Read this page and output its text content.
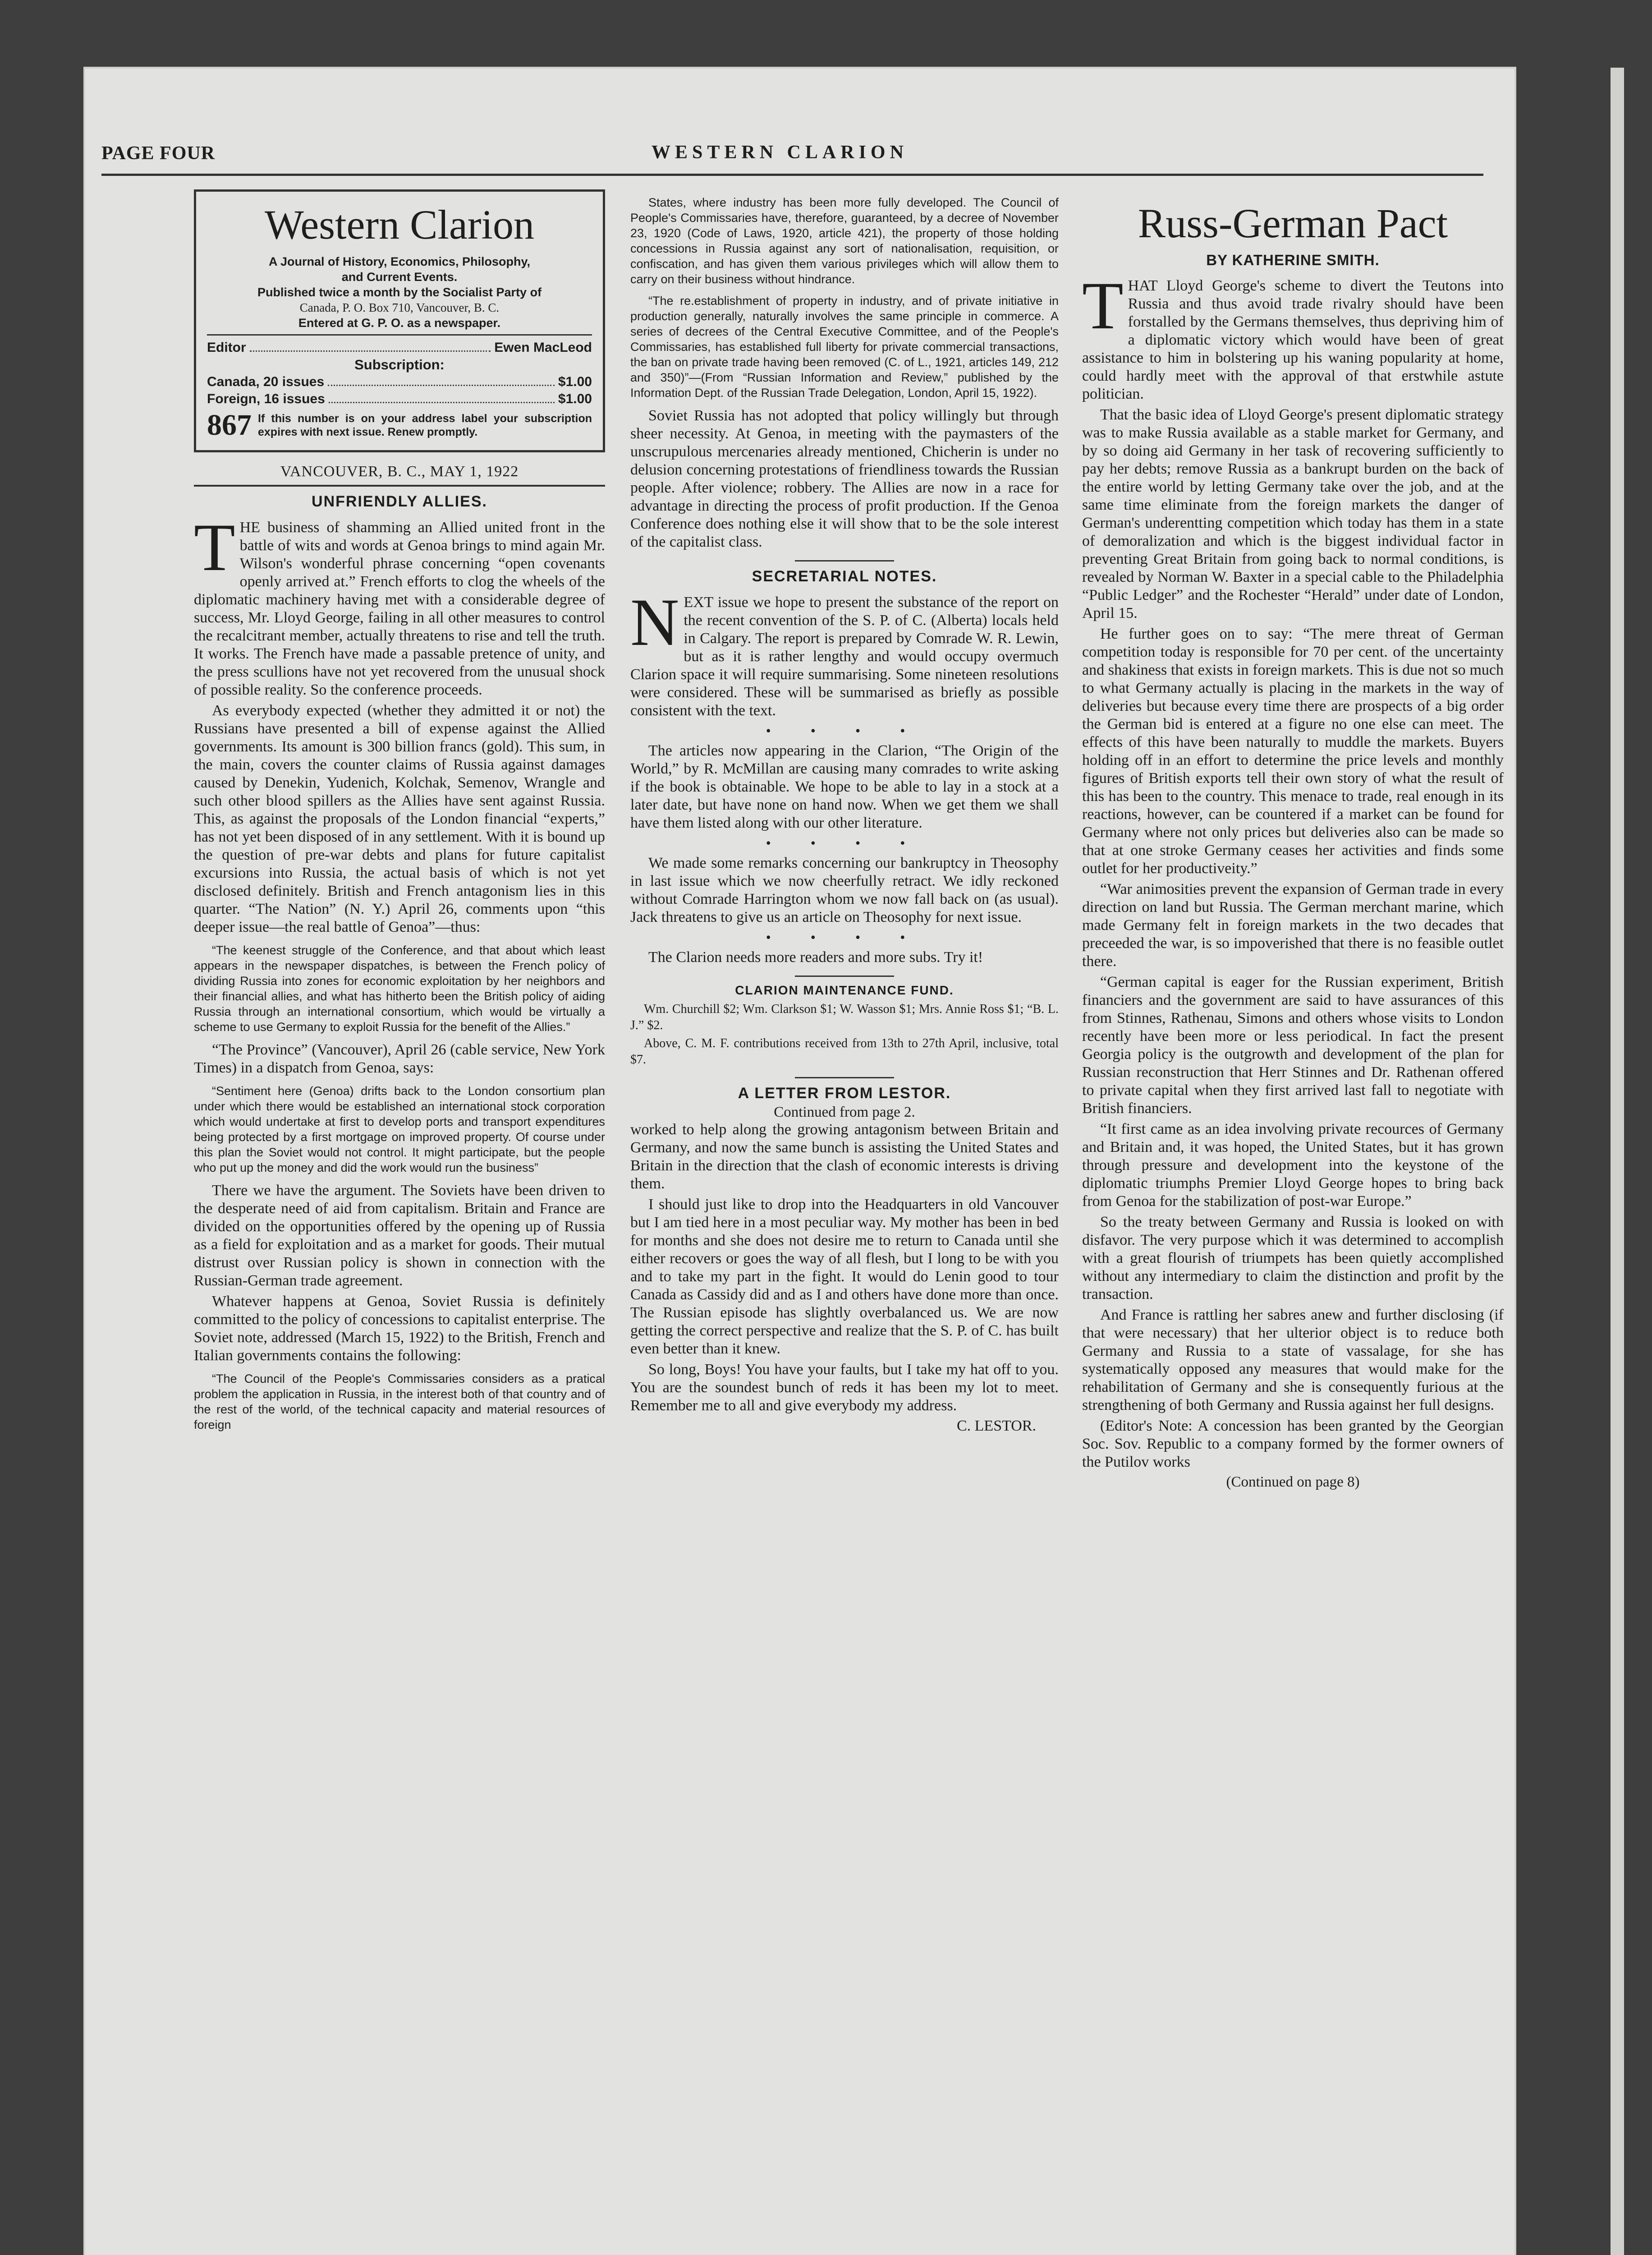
PAGE FOUR	WESTERN CLARION
Western Clarion
A Journal of History, Economics, Philosophy,
and Current Events.
Published twice a month by the Socialist Party of
Canada, P. O. Box 710, Vancouver, B. C.
Entered at G. P. O. as a newspaper.
Editor	Ewen MacLeod
Subscription:
Canada, 20 issues	$1.00
Foreign, 16 issues	$1.00
867 If this number is on your address label your subscription expires with next issue. Renew promptly.
VANCOUVER, B. C., MAY 1, 1922
UNFRIENDLY ALLIES.

THE business of shamming an Allied united front in the battle of wits and words at Genoa brings to mind again Mr. Wilson's wonderful phrase concerning “open covenants openly arrived at.” French efforts to clog the wheels of the diplomatic machinery having met with a considerable degree of success, Mr. Lloyd George, failing in all other measures to control the recalcitrant member, actually threatens to rise and tell the truth. It works. The French have made a passable pretence of unity, and the press scullions have not yet recovered from the unusual shock of possible reality. So the conference proceeds.

As everybody expected (whether they admitted it or not) the Russians have presented a bill of expense against the Allied governments. Its amount is 300 billion francs (gold). This sum, in the main, covers the counter claims of Russia against damages caused by Denekin, Yudenich, Kolchak, Semenov, Wrangle and such other blood spillers as the Allies have sent against Russia. This, as against the proposals of the London financial “experts,” has not yet been disposed of in any settlement. With it is bound up the question of pre-war debts and plans for future capitalist excursions into Russia, the actual basis of which is not yet disclosed definitely. British and French antagonism lies in this quarter. “The Nation” (N. Y.) April 26, comments upon “this deeper issue—the real battle of Genoa”—thus:

“The keenest struggle of the Conference, and that about which least appears in the newspaper dispatches, is between the French policy of dividing Russia into zones for economic exploitation by her neighbors and their financial allies, and what has hitherto been the British policy of aiding Russia through an international consortium, which would be virtually a scheme to use Germany to exploit Russia for the benefit of the Allies.”

“The Province” (Vancouver), April 26 (cable service, New York Times) in a dispatch from Genoa, says:

“Sentiment here (Genoa) drifts back to the London consortium plan under which there would be established an international stock corporation which would undertake at first to develop ports and transport expenditures being protected by a first mortgage on improved property. Of course under this plan the Soviet would not control. It might participate, but the people who put up the money and did the work would run the business”

There we have the argument. The Soviets have been driven to the desperate need of aid from capitalism. Britain and France are divided on the opportunities offered by the opening up of Russia as a field for exploitation and as a market for goods. Their mutual distrust over Russian policy is shown in connection with the Russian-German trade agreement.

Whatever happens at Genoa, Soviet Russia is definitely committed to the policy of concessions to capitalist enterprise. The Soviet note, addressed (March 15, 1922) to the British, French and Italian governments contains the following:

“The Council of the People's Commissaries considers as a pratical problem the application in Russia, in the interest both of that country and of the rest of the world, of the technical capacity and material resources of foreign
States, where industry has been more fully developed. The Council of People's Commissaries have, therefore, guaranteed, by a decree of November 23, 1920 (Code of Laws, 1920, article 421), the property of those holding concessions in Russia against any sort of nationalisation, requisition, or confiscation, and has given them various privileges which will allow them to carry on their business without hindrance.
“The re.establishment of property in industry, and of private initiative in production generally, naturally involves the same principle in commerce. A series of decrees of the Central Executive Committee, and of the People's Commissaries, has established full liberty for private commercial transactions, the ban on private trade having been removed (C. of L., 1921, articles 149, 212 and 350)”—(From “Russian Information and Review,” published by the Information Dept. of the Russian Trade Delegation, London, April 15, 1922).

Soviet Russia has not adopted that policy willingly but through sheer necessity. At Genoa, in meeting with the paymasters of the unscrupulous mercenaries already mentioned, Chicherin is under no delusion concerning protestations of friendliness towards the Russian people. After violence; robbery. The Allies are now in a race for advantage in directing the process of profit production. If the Genoa Conference does nothing else it will show that to be the sole interest of the capitalist class.

SECRETARIAL NOTES.

NEXT issue we hope to present the substance of the report on the recent convention of the S. P. of C. (Alberta) locals held in Calgary. The report is prepared by Comrade W. R. Lewin, but as it is rather lengthy and would occupy overmuch Clarion space it will require summarising. Some nineteen resolutions were considered. These will be summarised as briefly as possible consistent with the text.

• • • •

The articles now appearing in the Clarion, “The Origin of the World,” by R. McMillan are causing many comrades to write asking if the book is obtainable. We hope to be able to lay in a stock at a later date, but have none on hand now. When we get them we shall have them listed along with our other literature.

• • • •

We made some remarks concerning our bankruptcy in Theosophy in last issue which we now cheerfully retract. We idly reckoned without Comrade Harrington whom we now fall back on (as usual). Jack threatens to give us an article on Theosophy for next issue.

• • • •

The Clarion needs more readers and more subs. Try it!

CLARION MAINTENANCE FUND.

Wm. Churchill $2; Wm. Clarkson $1; W. Wasson $1; Mrs. Annie Ross $1; “B. L. J.” $2.

Above, C. M. F. contributions received from 13th to 27th April, inclusive, total $7.

A LETTER FROM LESTOR.
Continued from page 2.

worked to help along the growing antagonism between Britain and Germany, and now the same bunch is assisting the United States and Britain in the direction that the clash of economic interests is driving them.

I should just like to drop into the Headquarters in old Vancouver but I am tied here in a most peculiar way. My mother has been in bed for months and she does not desire me to return to Canada until she either recovers or goes the way of all flesh, but I long to be with you and to take my part in the fight. It would do Lenin good to tour Canada as Cassidy did and as I and others have done more than once. The Russian episode has slightly overbalanced us. We are now getting the correct perspective and realize that the S. P. of C. has built even better than it knew.

So long, Boys! You have your faults, but I take my hat off to you. You are the soundest bunch of reds it has been my lot to meet. Remember me to all and give everybody my address.

C. LESTOR.
Russ-German Pact
BY KATHERINE SMITH.

THAT Lloyd George's scheme to divert the Teutons into Russia and thus avoid trade rivalry should have been forstalled by the Germans themselves, thus depriving him of a diplomatic victory which would have been of great assistance to him in bolstering up his waning popularity at home, could hardly meet with the approval of that erstwhile astute politician.

That the basic idea of Lloyd George's present diplomatic strategy was to make Russia available as a stable market for Germany, and by so doing aid Germany in her task of recovering sufficiently to pay her debts; remove Russia as a bankrupt burden on the back of the entire world by letting Germany take over the job, and at the same time eliminate from the foreign markets the danger of German's underentting competition which today has them in a state of demoralization and which is the biggest individual factor in preventing Great Britain from going back to normal conditions, is revealed by Norman W. Baxter in a special cable to the Philadelphia “Public Ledger” and the Rochester “Herald” under date of London, April 15.

He further goes on to say: “The mere threat of German competition today is responsible for 70 per cent. of the uncertainty and shakiness that exists in foreign markets. This is due not so much to what Germany actually is placing in the markets in the way of deliveries but because every time there are prospects of a big order the German bid is entered at a figure no one else can meet. The effects of this have been naturally to muddle the markets. Buyers holding off in an effort to determine the price levels and monthly figures of British exports tell their own story of what the result of this has been to the country. This menace to trade, real enough in its reactions, however, can be countered if a market can be found for Germany where not only prices but deliveries also can be made so that at one stroke Germany ceases her activities and finds some outlet for her productiveity.”

“War animosities prevent the expansion of German trade in every direction on land but Russia. The German merchant marine, which made Germany felt in foreign markets in the two decades that preceeded the war, is so impoverished that there is no feasible outlet there.

“German capital is eager for the Russian experiment, British financiers and the government are said to have assurances of this from Stinnes, Rathenau, Simons and others whose visits to London recently have been more or less periodical. In fact the present Georgia policy is the outgrowth and development of the plan for Russian reconstruction that Herr Stinnes and Dr. Rathenan offered to private capital when they first arrived last fall to negotiate with British financiers.

“It first came as an idea involving private recources of Germany and Britain and, it was hoped, the United States, but it has grown through pressure and development into the keystone of the diplomatic triumphs Premier Lloyd George hopes to bring back from Genoa for the stabilization of post-war Europe.”

So the treaty between Germany and Russia is looked on with disfavor. The very purpose which it was determined to accomplish with a great flourish of triumpets has been quietly accomplished without any intermediary to claim the distinction and profit by the transaction.

And France is rattling her sabres anew and further disclosing (if that were necessary) that her ulterior object is to reduce both Germany and Russia to a state of vassalage, for she has systematically opposed any measures that would make for the rehabilitation of Germany and she is consequently furious at the strengthening of both Germany and Russia against her full designs.

(Editor's Note: A concession has been granted by the Georgian Soc. Sov. Republic to a company formed by the former owners of the Putilov works

(Continued on page 8)
